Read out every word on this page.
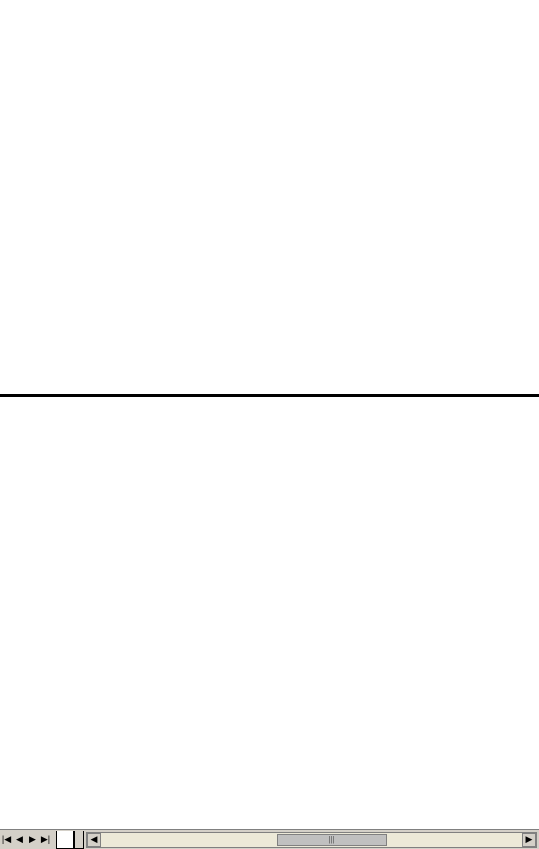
|◀ ◀ ▶ ▶|	◀	|||	▶
